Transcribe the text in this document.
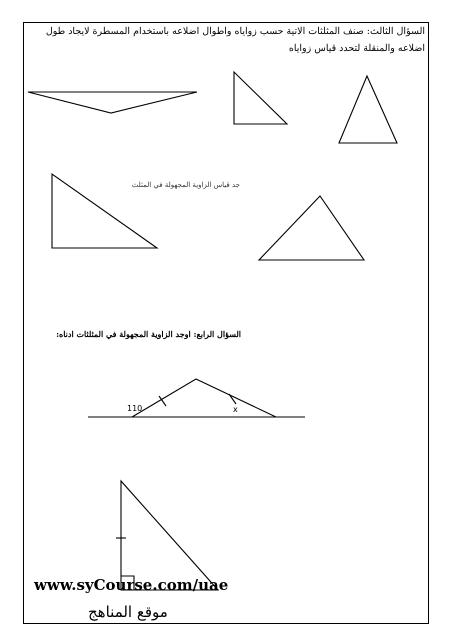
السؤال الثالث: صنف المثلثات الاتية حسب زواياه واطوال اضلاعه باستخدام المسطرة لايجاد طول اضلاعه والمنقلة لتحدد قياس زواياه
جد قياس الزاوية المجهولة في المثلث
السؤال الرابع: اوجد الزاوية المجهولة في المثلثات ادناه:
110	x
www.syCourse.com/uae
موقع المناهج
